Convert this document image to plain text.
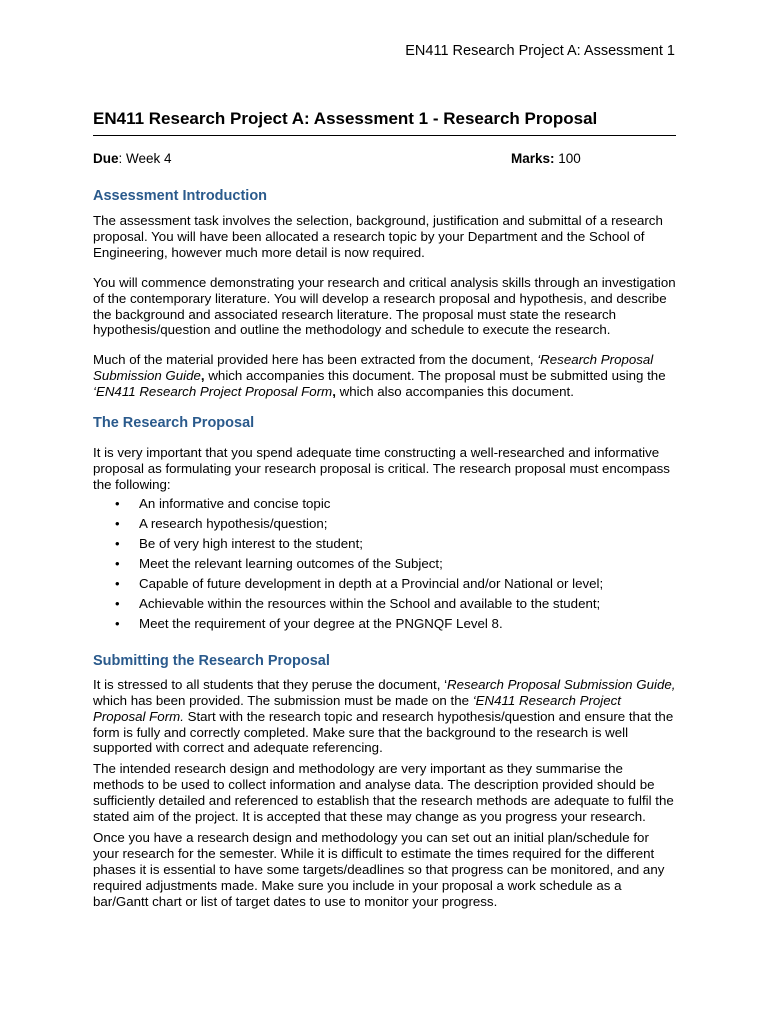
EN411 Research Project A: Assessment 1
EN411 Research Project A: Assessment 1 - Research Proposal
Due: Week 4	Marks: 100
Assessment Introduction

The assessment task involves the selection, background, justification and submittal of a research proposal. You will have been allocated a research topic by your Department and the School of Engineering, however much more detail is now required.

You will commence demonstrating your research and critical analysis skills through an investigation of the contemporary literature. You will develop a research proposal and hypothesis, and describe the background and associated research literature. The proposal must state the research hypothesis/question and outline the methodology and schedule to execute the research.

Much of the material provided here has been extracted from the document, ‘Research Proposal Submission Guide, which accompanies this document. The proposal must be submitted using the ‘EN411 Research Project Proposal Form, which also accompanies this document.

The Research Proposal

It is very important that you spend adequate time constructing a well-researched and informative proposal as formulating your research proposal is critical. The research proposal must encompass the following:

• An informative and concise topic
• A research hypothesis/question;
• Be of very high interest to the student;
• Meet the relevant learning outcomes of the Subject;
• Capable of future development in depth at a Provincial and/or National or level;
• Achievable within the resources within the School and available to the student;
• Meet the requirement of your degree at the PNGNQF Level 8.
Submitting the Research Proposal

It is stressed to all students that they peruse the document, ‘Research Proposal Submission Guide, which has been provided. The submission must be made on the ‘EN411 Research Project Proposal Form. Start with the research topic and research hypothesis/question and ensure that the form is fully and correctly completed. Make sure that the background to the research is well supported with correct and adequate referencing.

The intended research design and methodology are very important as they summarise the methods to be used to collect information and analyse data. The description provided should be sufficiently detailed and referenced to establish that the research methods are adequate to fulfil the stated aim of the project. It is accepted that these may change as you progress your research.

Once you have a research design and methodology you can set out an initial plan/schedule for your research for the semester. While it is difficult to estimate the times required for the different phases it is essential to have some targets/deadlines so that progress can be monitored, and any required adjustments made. Make sure you include in your proposal a work schedule as a bar/Gantt chart or list of target dates to use to monitor your progress.
